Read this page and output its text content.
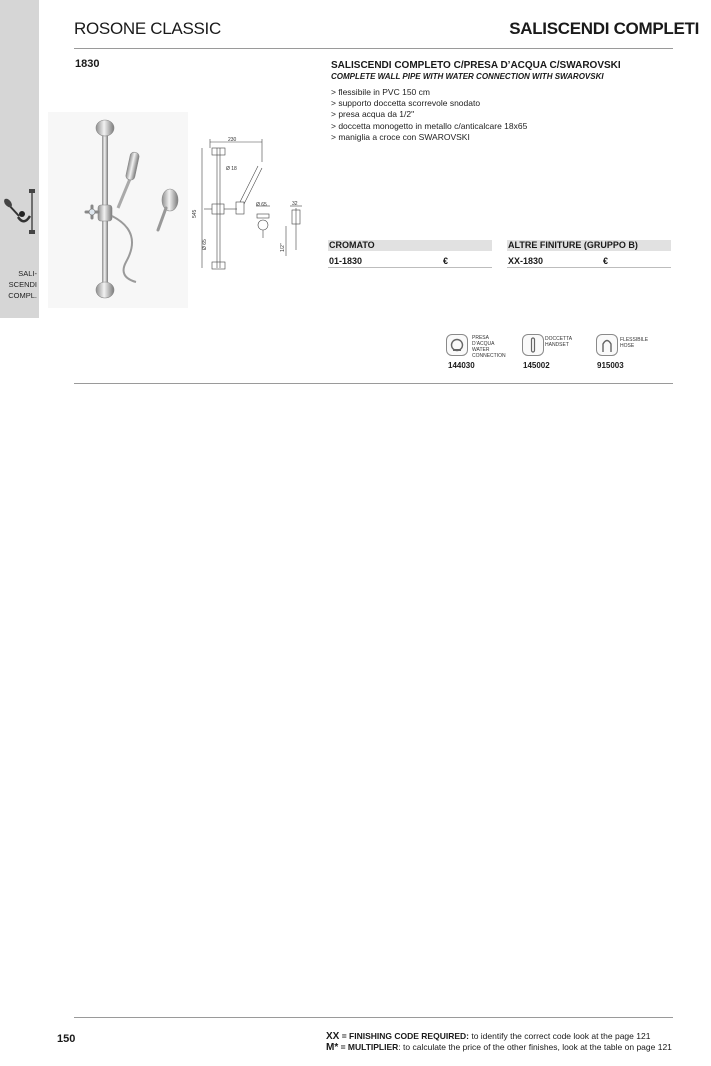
SALI-
SCENDI
COMPL.
ROSONE CLASSIC	SALISCENDI COMPLETI
1830
230
Ø 18
545
Ø 65
Ø 65	32
1/2"
SALISCENDI COMPLETO C/PRESA D’ACQUA C/SWAROVSKI
COMPLETE WALL PIPE WITH WATER CONNECTION WITH SWAROVSKI
> flessibile in PVC 150 cm
> supporto doccetta scorrevole snodato
> presa acqua da 1/2"
> doccetta monogetto in metallo c/anticalcare 18x65
> maniglia a croce con SWAROVSKI
CROMATO	ALTRE FINITURE (GRUPPO B)
01-1830	€	XX-1830	€
PRESA D’ACQUA
WATER
CONNECTION
144030
DOCCETTA
HANDSET
145002
FLESSIBILE
HOSE
915003
150	XX = FINISHING CODE REQUIRED: to identify the correct code look at the page 121
M* = MULTIPLIER: to calculate the price of the other finishes, look at the table on page 121
